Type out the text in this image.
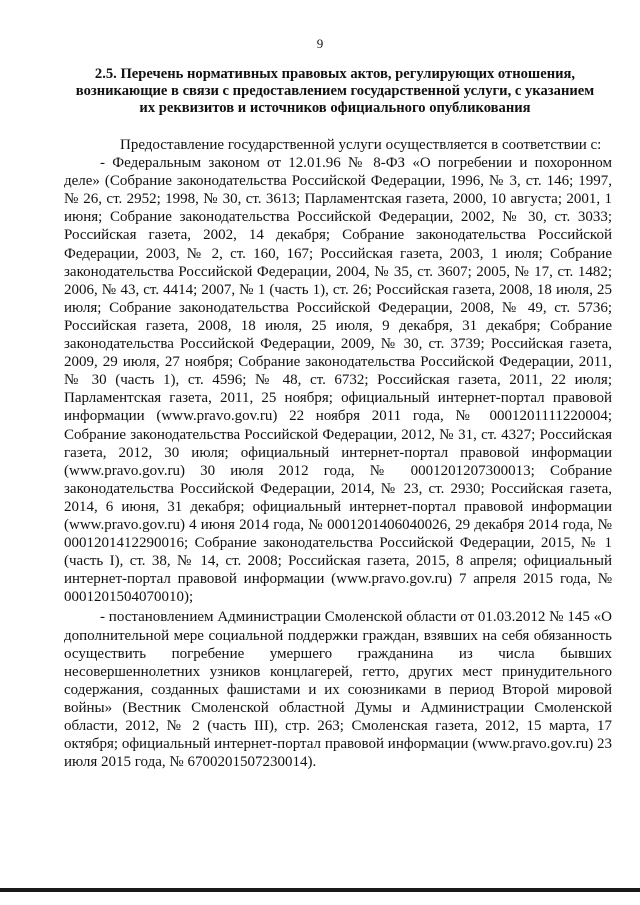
9
2.5. Перечень нормативных правовых актов, регулирующих отношения,
возникающие в связи с предоставлением государственной услуги, с указанием
их реквизитов и источников официального опубликования

Предоставление государственной услуги осуществляется в соответствии с:

- Федеральным законом от 12.01.96 № 8-ФЗ «О погребении и похоронном деле» (Собрание законодательства Российской Федерации, 1996, № 3, ст. 146; 1997, № 26, ст. 2952; 1998, № 30, ст. 3613; Парламентская газета, 2000, 10 августа; 2001, 1 июня; Собрание законодательства Российской Федерации, 2002, № 30, ст. 3033; Российская газета, 2002, 14 декабря; Собрание законодательства Российской Федерации, 2003, № 2, ст. 160, 167; Российская газета, 2003, 1 июля; Собрание законодательства Российской Федерации, 2004, № 35, ст. 3607; 2005, № 17, ст. 1482; 2006, № 43, ст. 4414; 2007, № 1 (часть 1), ст. 26; Российская газета, 2008, 18 июля, 25 июля; Собрание законодательства Российской Федерации, 2008, № 49, ст. 5736; Российская газета, 2008, 18 июля, 25 июля, 9 декабря, 31 декабря; Собрание законодательства Российской Федерации, 2009, № 30, ст. 3739; Российская газета, 2009, 29 июля, 27 ноября; Собрание законодательства Российской Федерации, 2011, № 30 (часть 1), ст. 4596; № 48, ст. 6732; Российская газета, 2011, 22 июля; Парламентская газета, 2011, 25 ноября; официальный интернет-портал правовой информации (www.pravo.gov.ru) 22 ноября 2011 года, № 0001201111220004; Собрание законодательства Российской Федерации, 2012, № 31, ст. 4327; Российская газета, 2012, 30 июля; официальный интернет-портал правовой информации (www.pravo.gov.ru) 30 июля 2012 года, № 0001201207300013; Собрание законодательства Российской Федерации, 2014, № 23, ст. 2930; Российская газета, 2014, 6 июня, 31 декабря; официальный интернет-портал правовой информации (www.pravo.gov.ru) 4 июня 2014 года, № 0001201406040026, 29 декабря 2014 года, № 0001201412290016; Собрание законодательства Российской Федерации, 2015, № 1 (часть I), ст. 38, № 14, ст. 2008; Российская газета, 2015, 8 апреля; официальный интернет-портал правовой информации (www.pravo.gov.ru) 7 апреля 2015 года, № 0001201504070010);

- постановлением Администрации Смоленской области от 01.03.2012 № 145 «О дополнительной мере социальной поддержки граждан, взявших на себя обязанность осуществить погребение умершего гражданина из числа бывших несовершеннолетних узников концлагерей, гетто, других мест принудительного содержания, созданных фашистами и их союзниками в период Второй мировой войны» (Вестник Смоленской областной Думы и Администрации Смоленской области, 2012, № 2 (часть III), стр. 263; Смоленская газета, 2012, 15 марта, 17 октября; официальный интернет-портал правовой информации (www.pravo.gov.ru) 23 июля 2015 года, № 6700201507230014).
